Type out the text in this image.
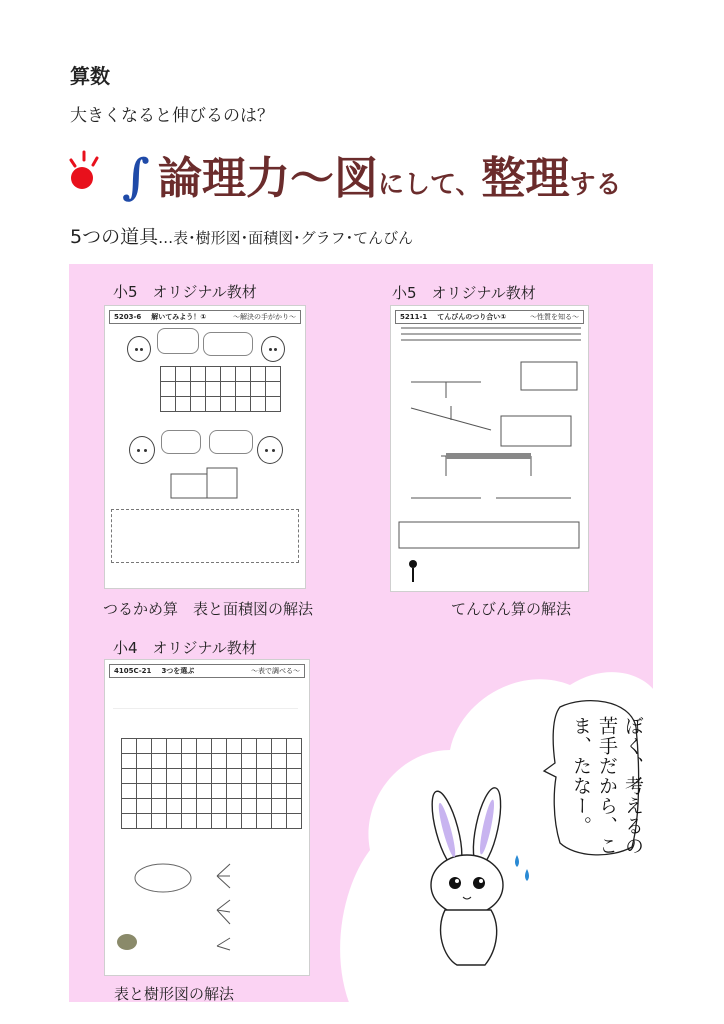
算数
大きくなると伸びるのは？
∫ 論理力～図にして、整理する
5つの道具…表･樹形図･面積図･グラフ･てんびん
小5　オリジナル教材
5203-6 解いてみよう！①	～解決の手がかり～

つるかめ算　表と面積図の解法
小5　オリジナル教材
5211-1 てんびんのつり合い①	～性質を知る～
てんびん算の解法
小4　オリジナル教材
4105C-21 3つを選ぶ	～表で調べる～

表と樹形図の解法
ぼく、考えるの
苦手だから、こ
ま、たなー。
